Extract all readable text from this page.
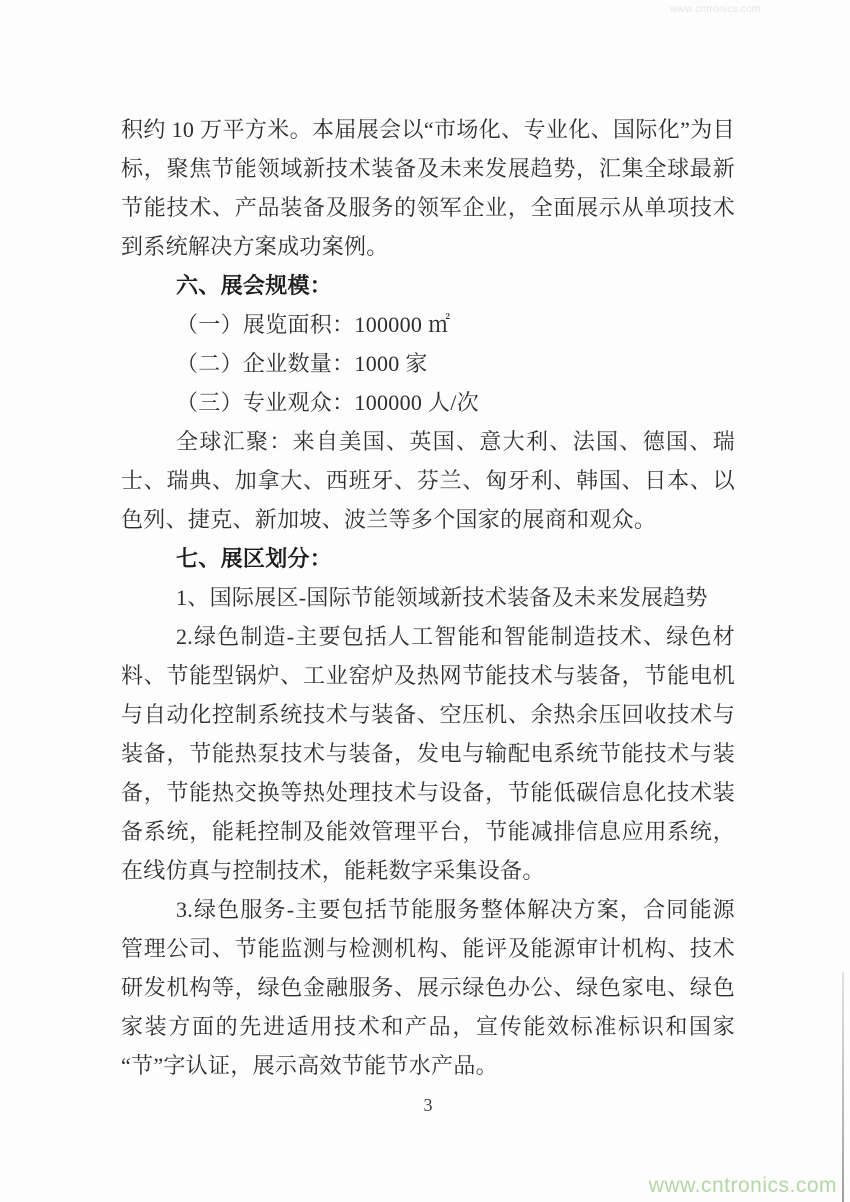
www.cntronics.com

积约 10 万平方米。本届展会以“市场化、专业化、国际化”为目标，聚焦节能领域新技术装备及未来发展趋势，汇集全球最新节能技术、产品装备及服务的领军企业，全面展示从单项技术到系统解决方案成功案例。

六、展会规模：

（一）展览面积：100000 ㎡

（二）企业数量：1000 家

（三）专业观众：100000 人/次

全球汇聚：来自美国、英国、意大利、法国、德国、瑞士、瑞典、加拿大、西班牙、芬兰、匈牙利、韩国、日本、以色列、捷克、新加坡、波兰等多个国家的展商和观众。

七、展区划分：

1、国际展区-国际节能领域新技术装备及未来发展趋势

2.绿色制造-主要包括人工智能和智能制造技术、绿色材料、节能型锅炉、工业窑炉及热网节能技术与装备，节能电机与自动化控制系统技术与装备、空压机、余热余压回收技术与装备，节能热泵技术与装备，发电与输配电系统节能技术与装备，节能热交换等热处理技术与设备，节能低碳信息化技术装备系统，能耗控制及能效管理平台，节能减排信息应用系统，在线仿真与控制技术，能耗数字采集设备。

3.绿色服务-主要包括节能服务整体解决方案，合同能源管理公司、节能监测与检测机构、能评及能源审计机构、技术研发机构等，绿色金融服务、展示绿色办公、绿色家电、绿色家装方面的先进适用技术和产品，宣传能效标准标识和国家“节”字认证，展示高效节能节水产品。

3
www.cntronics.com
